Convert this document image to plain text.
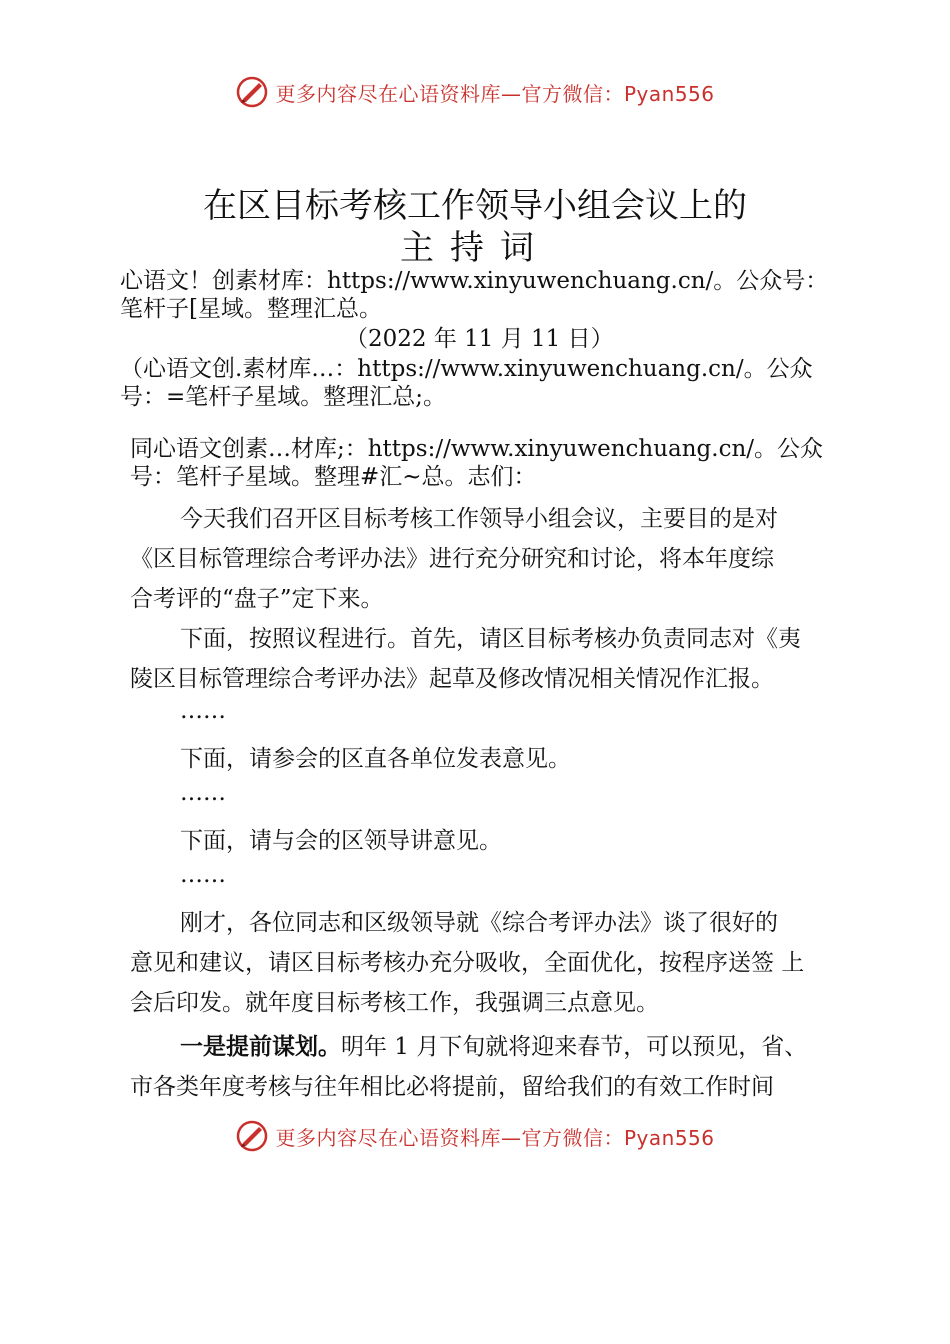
更多内容尽在心语资料库—官方微信：Pyan556
在区目标考核工作领导小组会议上的
主持词
心语文！创素材库：https://www.xinyuwenchuang.cn/。公众号：
笔杆子[星域。整理汇总。
（2022 年 11 月 11 日）
（心语文创.素材库…：https://www.xinyuwenchuang.cn/。公众
号：=笔杆子星域。整理汇总;。
同心语文创素…材库;：https://www.xinyuwenchuang.cn/。公众
号：笔杆子星域。整理#汇~总。志们：
今天我们召开区目标考核工作领导小组会议，主要目的是对
《区目标管理综合考评办法》进行充分研究和讨论，将本年度综
合考评的“盘子”定下来。
下面，按照议程进行。首先，请区目标考核办负责同志对《夷
陵区目标管理综合考评办法》起草及修改情况相关情况作汇报。
……
下面，请参会的区直各单位发表意见。
……
下面，请与会的区领导讲意见。
……
刚才，各位同志和区级领导就《综合考评办法》谈了很好的
意见和建议，请区目标考核办充分吸收，全面优化，按程序送签 上
会后印发。就年度目标考核工作，我强调三点意见。
一是提前谋划。明年 1 月下旬就将迎来春节，可以预见，省、
市各类年度考核与往年相比必将提前，留给我们的有效工作时间
更多内容尽在心语资料库—官方微信：Pyan556
